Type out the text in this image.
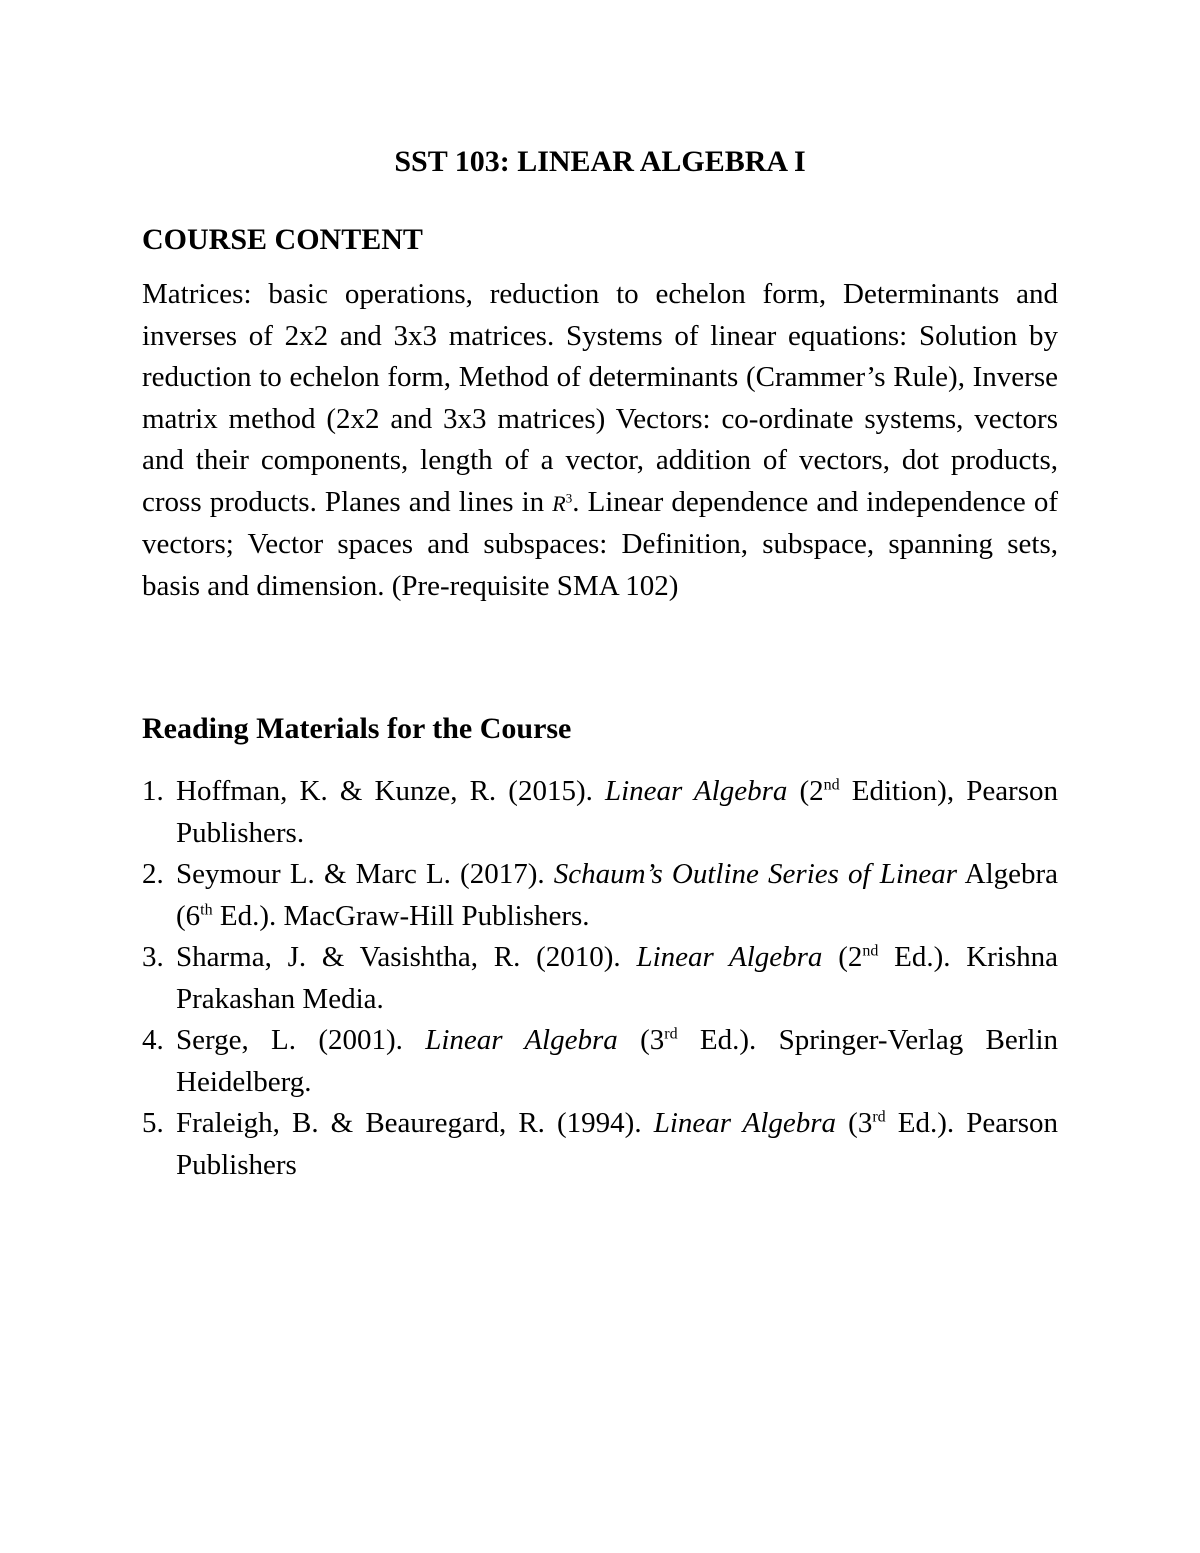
SST 103: LINEAR ALGEBRA I
COURSE CONTENT

Matrices: basic operations, reduction to echelon form, Determinants and inverses of 2x2 and 3x3 matrices. Systems of linear equations: Solution by reduction to echelon form, Method of determinants (Crammer’s Rule), Inverse matrix method (2x2 and 3x3 matrices) Vectors: co-ordinate systems, vectors and their components, length of a vector, addition of vectors, dot products, cross products. Planes and lines in $R^3$. Linear dependence and independence of vectors; Vector spaces and subspaces: Definition, subspace, spanning sets, basis and dimension. (Pre-requisite SMA 102)

Reading Materials for the Course
1. Hoffman, K. & Kunze, R. (2015). Linear Algebra (2nd Edition), Pearson Publishers.
2. Seymour L. & Marc L. (2017). Schaum’s Outline Series of Linear Algebra (6th Ed.). MacGraw-Hill Publishers.
3. Sharma, J. & Vasishtha, R. (2010). Linear Algebra (2nd Ed.). Krishna Prakashan Media.
4. Serge, L. (2001). Linear Algebra (3rd Ed.). Springer-Verlag Berlin Heidelberg.
5. Fraleigh, B. & Beauregard, R. (1994). Linear Algebra (3rd Ed.). Pearson Publishers
